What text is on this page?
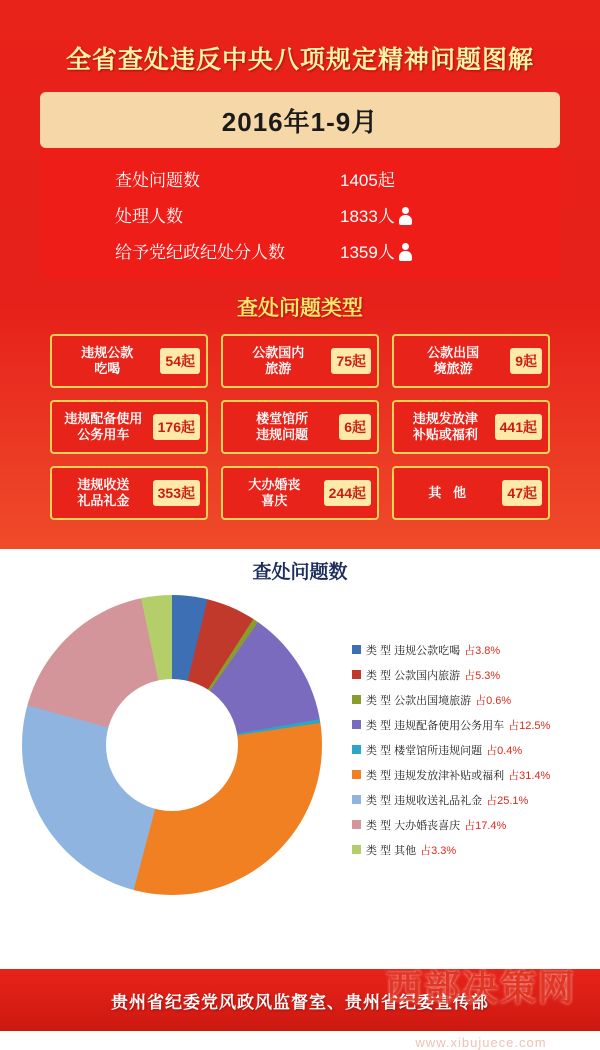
全省查处违反中央八项规定精神问题图解
2016年1-9月
查处问题数	1405起
处理人数	1833人
给予党纪政纪处分人数	1359人
查处问题类型
违规公款
吃喝	54起
公款国内
旅游	75起
公款出国
境旅游	9起
违规配备使用
公务用车	176起
楼堂馆所
违规问题	6起
违规发放津
补贴或福利	441起
违规收送
礼品礼金	353起
大办婚丧
喜庆	244起	其 他	47起
查处问题数
类 型 违规公款吃喝 占3.8%
类 型 公款国内旅游 占5.3%
类 型 公款出国境旅游 占0.6%
类 型 违规配备使用公务用车 占12.5%
类 型 楼堂馆所违规问题 占0.4%
类 型 违规发放津补贴或福利 占31.4%
类 型 违规收送礼品礼金 占25.1%
类 型 大办婚丧喜庆 占17.4%
类 型 其他 占3.3%
贵州省纪委党风政风监督室、贵州省纪委宣传部
西部决策网
www.xibujuece.com
